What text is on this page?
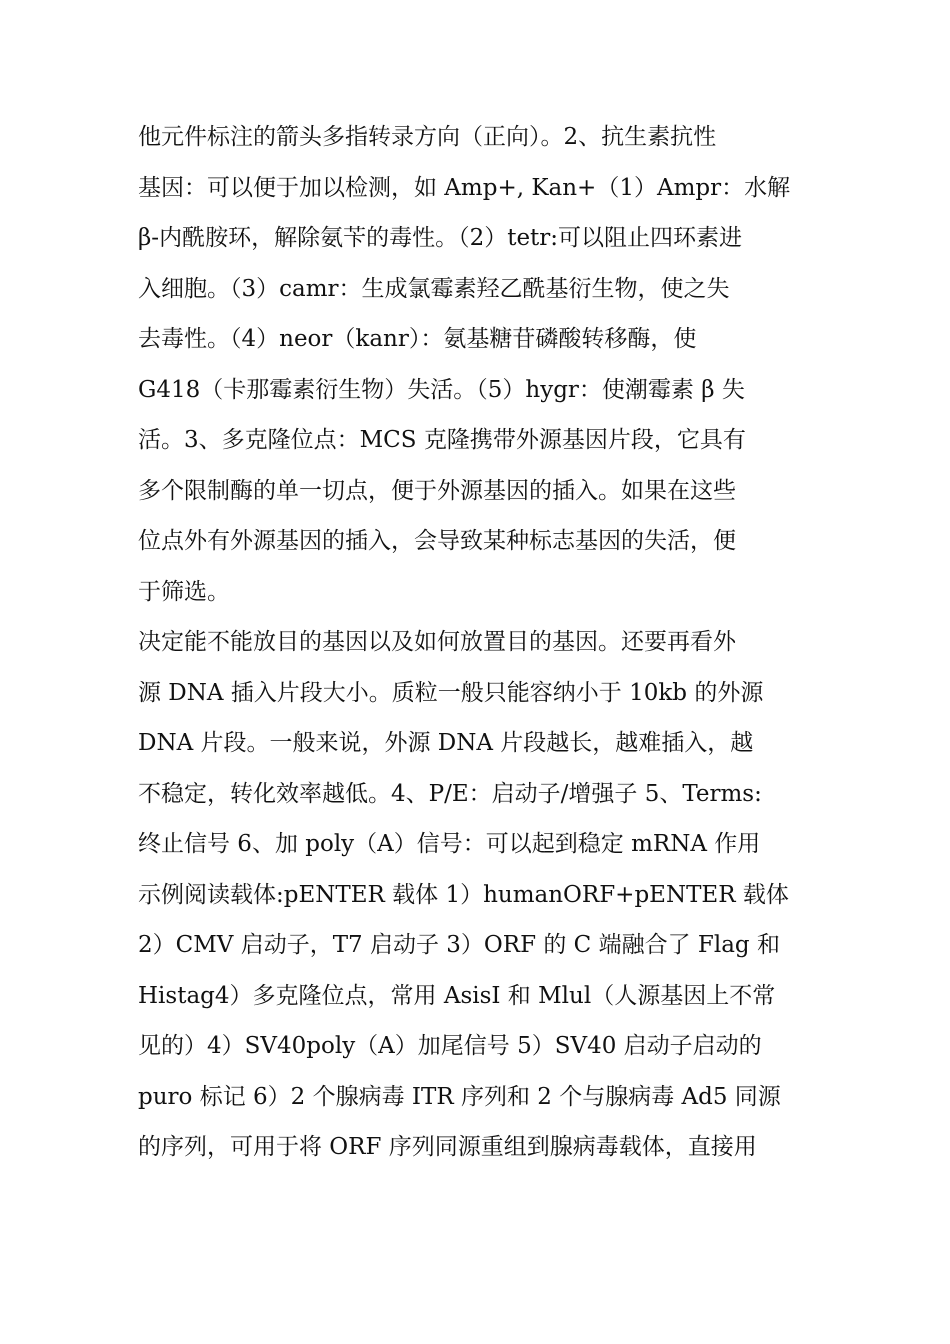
他元件标注的箭头多指转录方向（正向）。2、抗生素抗性
基因：可以便于加以检测，如 Amp+, Kan+（1）Ampr：水解
β-内酰胺环，解除氨苄的毒性。（2）tetr:可以阻止四环素进
入细胞。（3）camr：生成氯霉素羟乙酰基衍生物，使之失
去毒性。（4）neor（kanr）：氨基糖苷磷酸转移酶，使
G418（卡那霉素衍生物）失活。（5）hygr：使潮霉素 β 失
活。3、多克隆位点：MCS 克隆携带外源基因片段，它具有
多个限制酶的单一切点，便于外源基因的插入。如果在这些
位点外有外源基因的插入，会导致某种标志基因的失活，便
于筛选。
决定能不能放目的基因以及如何放置目的基因。还要再看外
源 DNA 插入片段大小。质粒一般只能容纳小于 10kb 的外源
DNA 片段。一般来说，外源 DNA 片段越长，越难插入，越
不稳定，转化效率越低。4、P/E：启动子/增强子 5、Terms:
终止信号 6、加 poly（A）信号：可以起到稳定 mRNA 作用
示例阅读载体:pENTER 载体 1）humanORF+pENTER 载体
2）CMV 启动子，T7 启动子 3）ORF 的 C 端融合了 Flag 和
Histag4）多克隆位点，常用 AsisI 和 Mlul（人源基因上不常
见的）4）SV40poly（A）加尾信号 5）SV40 启动子启动的
puro 标记 6）2 个腺病毒 ITR 序列和 2 个与腺病毒 Ad5 同源
的序列，可用于将 ORF 序列同源重组到腺病毒载体，直接用
